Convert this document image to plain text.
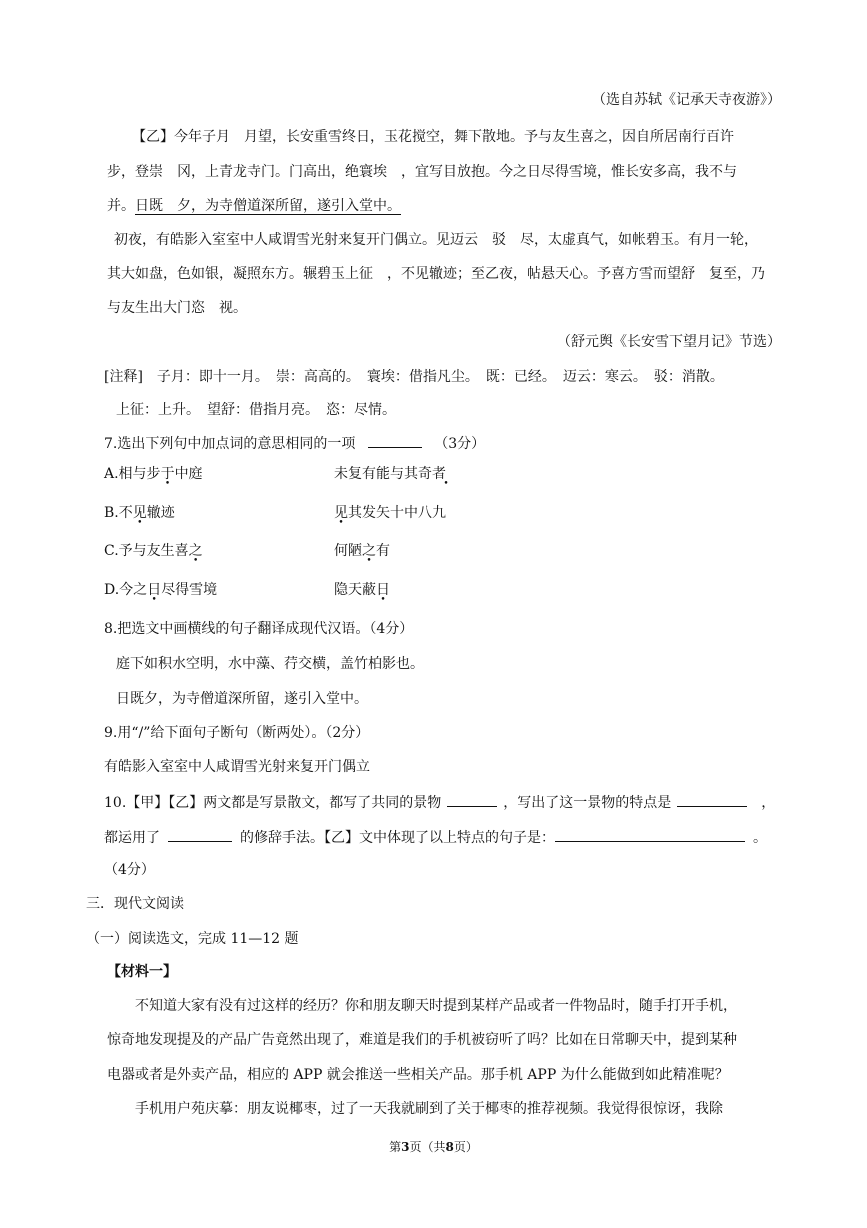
（选自苏轼《记承天寺夜游》）
【乙】今年子月　月望，长安重雪终日，玉花搅空，舞下散地。予与友生喜之，因自所居南行百许
步，登崇　冈，上青龙寺门。门高出，绝寰埃　，宜写目放抱。今之日尽得雪境，惟长安多高，我不与
并。日既　夕，为寺僧道深所留，遂引入堂中。
初夜，有皓影入室室中人咸谓雪光射来复开门偶立。见迈云　驳　尽，太虚真气，如帐碧玉。有月一轮，
其大如盘，色如银，凝照东方。辗碧玉上征　，不见辙迹；至乙夜，帖悬天心。予喜方雪而望舒　复至，乃
与友生出大门恣　视。
（舒元舆《长安雪下望月记》节选）
[注释]　子月：即十一月。　崇：高高的。　寰埃：借指凡尘。　既：已经。　迈云：寒云。　驳：消散。
上征：上升。　望舒：借指月亮。　恣：尽情。
7.选出下列句中加点词的意思相同的一项	（3分）
A.相与步于中庭	未复有能与其奇者
B.不见辙迹	见其发矢十中八九
C.予与友生喜之	何陋之有
D.今之日尽得雪境	隐天蔽日
8.把选文中画横线的句子翻译成现代汉语。（4分）
庭下如积水空明，水中藻、荇交横，盖竹柏影也。
日既夕，为寺僧道深所留，遂引入堂中。
9.用“/”给下面句子断句（断两处）。（2分）
有皓影入室室中人咸谓雪光射来复开门偶立
10.【甲】【乙】两文都是写景散文，都写了共同的景物	，写出了这一景物的特点是	，
都运用了	的修辞手法。【乙】文中体现了以上特点的句子是：	。
（4分）
三．现代文阅读
（一）阅读选文，完成 11—12 题
【材料一】
不知道大家有没有过这样的经历？你和朋友聊天时提到某样产品或者一件物品时，随手打开手机，
惊奇地发现提及的产品广告竟然出现了，难道是我们的手机被窃听了吗？比如在日常聊天中，提到某种
电器或者是外卖产品，相应的 APP 就会推送一些相关产品。那手机 APP 为什么能做到如此精准呢？
手机用户苑庆摹：朋友说椰枣，过了一天我就刷到了关于椰枣的推荐视频。我觉得很惊讶，我除
第3页（共8页）
